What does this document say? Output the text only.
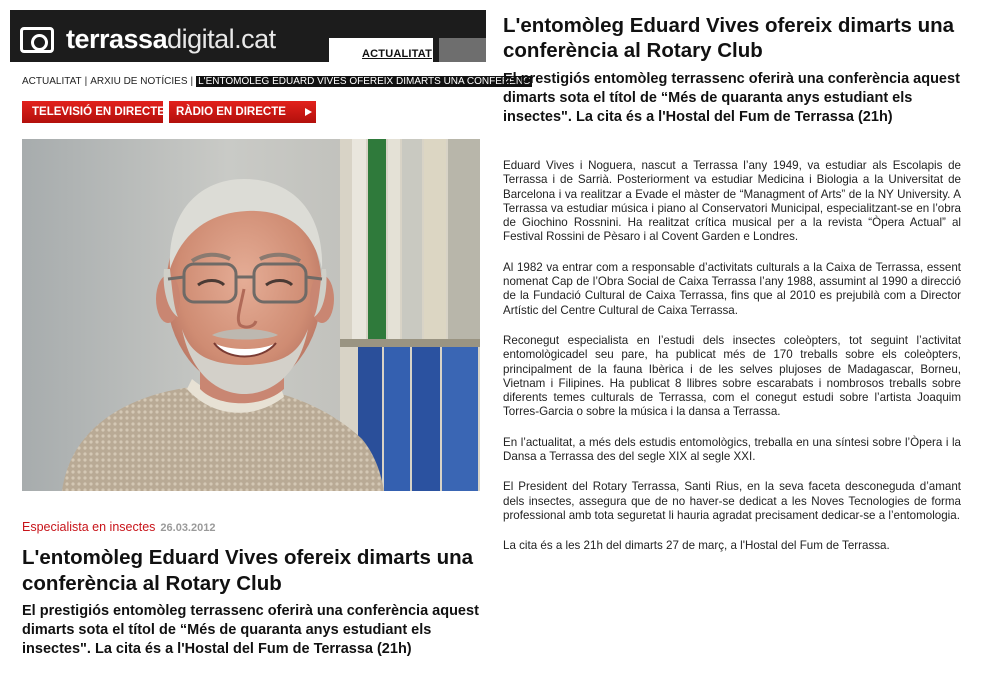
terrassadigital.cat	ACTUALITAT	T
ACTUALITAT | ARXIU DE NOTÍCIES | L'ENTOMÒLEG EDUARD VIVES OFEREIX DIMARTS UNA CONFERÈNC
TELEVISIÓ EN DIRECTE RÀDIO EN DIRECTE
Especialista en insectes 26.03.2012
L'entomòleg Eduard Vives ofereix dimarts una conferència al Rotary Club
El prestigiós entomòleg terrassenc oferirà una conferència aquest dimarts sota el títol de “Més de quaranta anys estudiant els insectes". La cita és a l'Hostal del Fum de Terrassa (21h)
L'entomòleg Eduard Vives ofereix dimarts una conferència al Rotary Club
El prestigiós entomòleg terrassenc oferirà una conferència aquest dimarts sota el títol de “Més de quaranta anys estudiant els insectes". La cita és a l'Hostal del Fum de Terrassa (21h)

Eduard Vives i Noguera, nascut a Terrassa l’any 1949, va estudiar als Escolapis de Terrassa i de Sarrià. Posteriorment va estudiar Medicina i Biologia a la Universitat de Barcelona i va realitzar a Evade el màster de “Managment of Arts” de la NY University. A Terrassa va estudiar música i piano al Conservatori Municipal, especialitzant-se en l’obra de Giochino Rossnini. Ha realitzat crítica musical per a la revista “Òpera Actual” al Festival Rossini de Pèsaro i al Covent Garden e Londres.

Al 1982 va entrar com a responsable d’activitats culturals a la Caixa de Terrassa, essent nomenat Cap de l’Obra Social de Caixa Terrassa l’any 1988, assumint al 1990 a direcció de la Fundació Cultural de Caixa Terrassa, fins que al 2010 es prejubilà com a Director Artístic del Centre Cultural de Caixa Terrassa.

Reconegut especialista en l’estudi dels insectes coleòpters, tot seguint l’activitat entomològicadel seu pare, ha publicat més de 170 treballs sobre els coleòpters, principalment de la fauna Ibèrica i de les selves plujoses de Madagascar, Borneu, Vietnam i Filipines. Ha publicat 8 llibres sobre escarabats i nombrosos treballs sobre diferents temes culturals de Terrassa, com el conegut estudi sobre l’artista Joaquim Torres-Garcia o sobre la música i la dansa a Terrassa.

En l’actualitat, a més dels estudis entomològics, treballa en una síntesi sobre l’Òpera i la Dansa a Terrassa des del segle XIX al segle XXI.

El President del Rotary Terrassa, Santi Rius, en la seva faceta desconeguda d’amant dels insectes, assegura que de no haver-se dedicat a les Noves Tecnologies de forma professional amb tota seguretat li hauria agradat precisament dedicar-se a l’entomologia.

La cita és a les 21h del dimarts 27 de març, a l'Hostal del Fum de Terrassa.
